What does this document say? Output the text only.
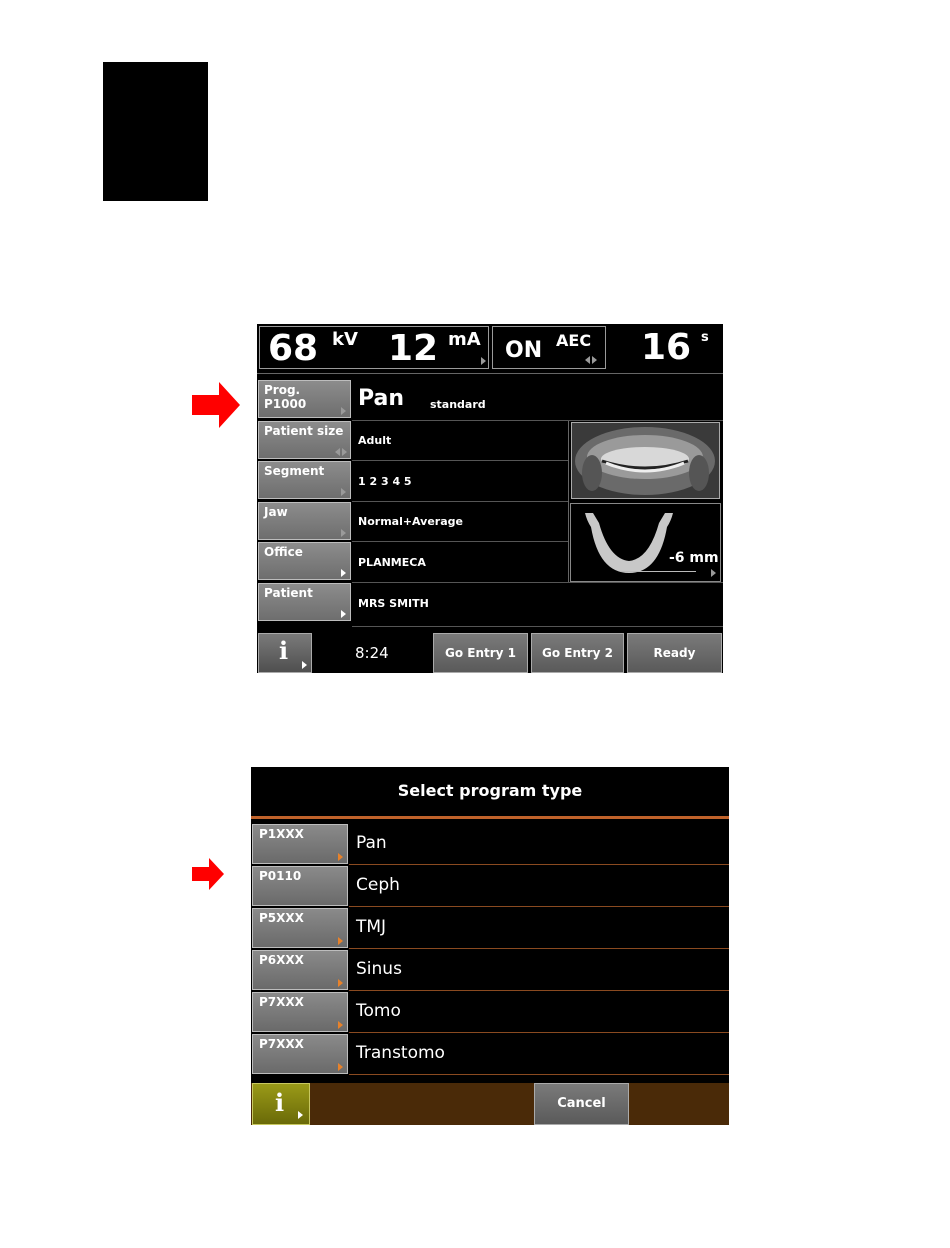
68 kV 12 mA ON AEC 16 s
Prog.
P1000 Pan standard
Patient size
Adult
Segment
1 2 3 4 5
Jaw
Normal+Average
Office
PLANMECA
Patient
MRS SMITH
-6 mm
i	8:24	Go Entry 1	Go Entry 2	Ready
Select program type
P1XXX	Pan
P0110	Ceph
P5XXX	TMJ
P6XXX	Sinus
P7XXX	Tomo
P7XXX	Transtomo
i	Cancel
